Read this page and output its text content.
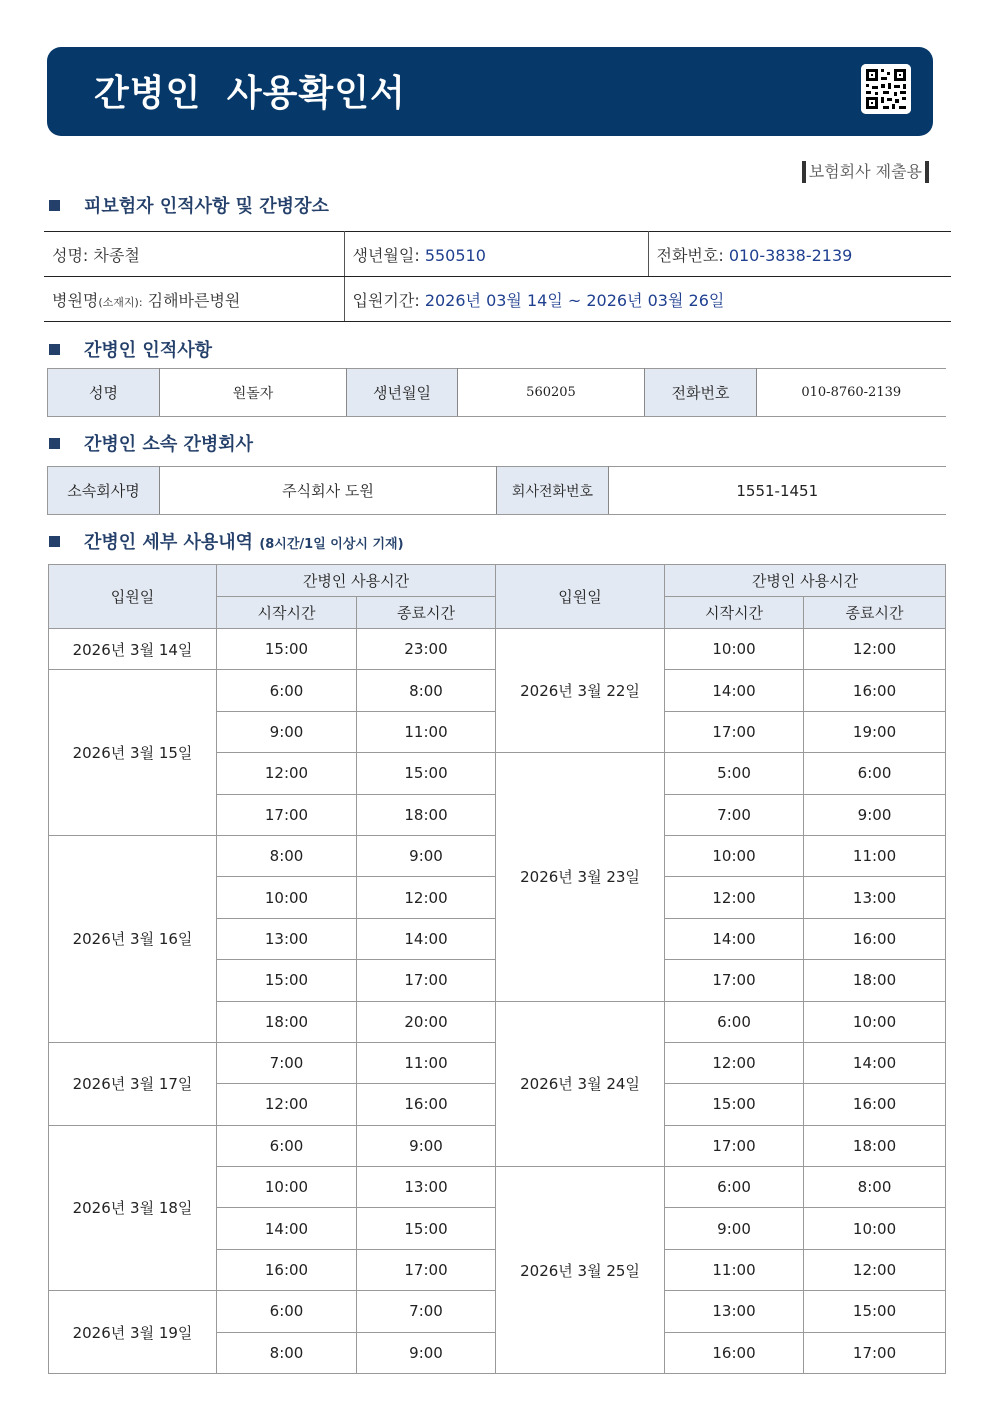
간병인 사용확인서
보험회사 제출용
피보험자 인적사항 및 간병장소
성명: 차종철	생년월일: 550510	전화번호: 010-3838-2139
병원명(소재지): 김해바른병원	입원기간: 2026년 03월 14일 ~ 2026년 03월 26일	
간병인 인적사항
성명	원돌자	생년월일	560205	전화번호	010-8760-2139
간병인 소속 간병회사
소속회사명	주식회사 도원	회사전화번호	1551-1451
간병인 세부 사용내역 (8시간/1일 이상시 기재)
입원일	간병인 사용시간		입원일	간병인 사용시간	
	시작시간	종료시간		시작시간	종료시간
2026년 3월 14일	15:00	23:00	2026년 3월 22일	10:00	12:00
2026년 3월 15일	6:00	8:00		14:00	16:00
	9:00	11:00		17:00	19:00
	12:00	15:00	2026년 3월 23일	5:00	6:00
	17:00	18:00		7:00	9:00
2026년 3월 16일	8:00	9:00		10:00	11:00
	10:00	12:00		12:00	13:00
	13:00	14:00		14:00	16:00
	15:00	17:00		17:00	18:00
	18:00	20:00	2026년 3월 24일	6:00	10:00
2026년 3월 17일	7:00	11:00		12:00	14:00
	12:00	16:00		15:00	16:00
2026년 3월 18일	6:00	9:00		17:00	18:00
	10:00	13:00	2026년 3월 25일	6:00	8:00
	14:00	15:00		9:00	10:00
	16:00	17:00		11:00	12:00
2026년 3월 19일	6:00	7:00		13:00	15:00
	8:00	9:00		16:00	17:00
